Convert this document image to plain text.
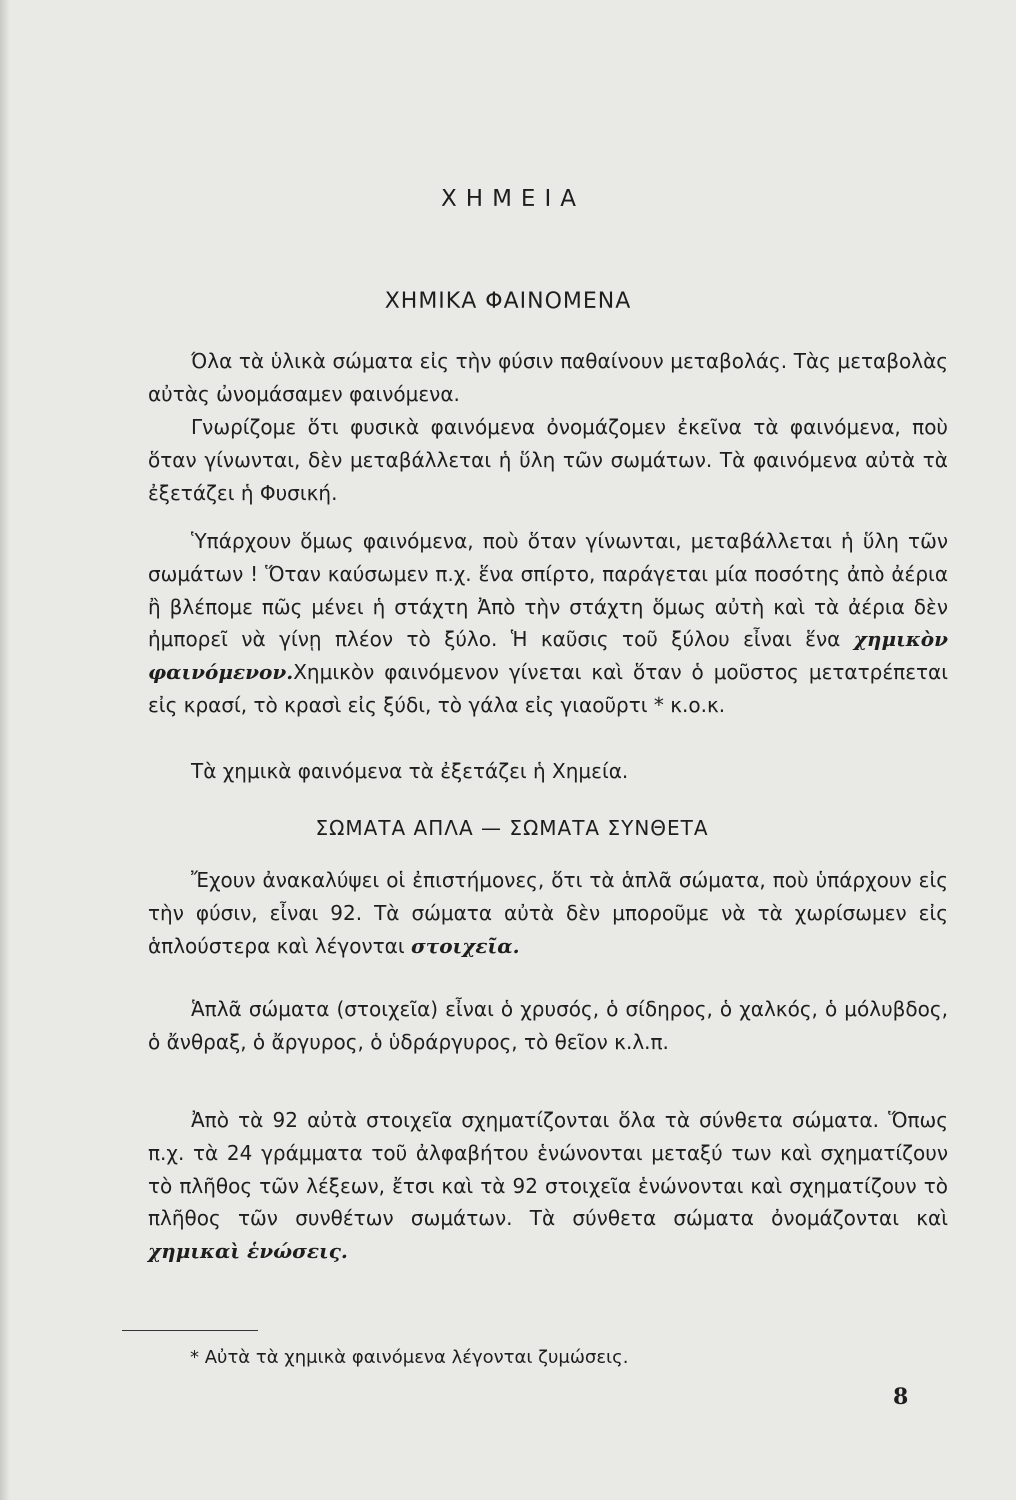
ΧΗΜΕΙΑ
ΧΗΜΙΚΑ ΦΑΙΝΟΜΕΝΑ

Όλα τὰ ὑλικὰ σώματα εἰς τὴν φύσιν παθαίνουν μεταβολάς. Τὰς μεταβολὰς αὐτὰς ὠνομάσαμεν φαινόμενα.

Γνωρίζομε ὅτι φυσικὰ φαινόμενα ὀνομάζομεν ἐκεῖνα τὰ φαινόμενα, ποὺ ὅταν γίνωνται, δὲν μεταβάλλεται ἡ ὕλη τῶν σωμάτων. Τὰ φαινόμενα αὐτὰ τὰ ἐξετάζει ἡ Φυσική.

Ὑπάρχουν ὅμως φαινόμενα, ποὺ ὅταν γίνωνται, μεταβάλλεται ἡ ὕλη τῶν σωμάτων ! Ὅταν καύσωμεν π.χ. ἕνα σπίρτο, παράγεται μία ποσότης ἀπὸ ἀέρια ἢ βλέπομε πῶς μένει ἡ στάχτη Ἀπὸ τὴν στάχτη ὅμως αὐτὴ καὶ τὰ ἀέρια δὲν ἠμπορεῖ νὰ γίνῃ πλέον τὸ ξύλο. Ἡ καῦσις τοῦ ξύλου εἶναι ἕνα χημικὸν φαινόμενον.Χημικὸν φαινόμενον γίνεται καὶ ὅταν ὁ μοῦστος μετατρέπεται εἰς κρασί, τὸ κρασὶ εἰς ξύδι, τὸ γάλα εἰς γιαοῦρτι * κ.ο.κ.

Τὰ χημικὰ φαινόμενα τὰ ἐξετάζει ἡ Χημεία.

ΣΩΜΑΤΑ ΑΠΛΑ — ΣΩΜΑΤΑ ΣΥΝΘΕΤΑ

Ἔχουν ἀνακαλύψει οἱ ἐπιστήμονες, ὅτι τὰ ἁπλᾶ σώματα, ποὺ ὑπάρχουν εἰς τὴν φύσιν, εἶναι 92. Τὰ σώματα αὐτὰ δὲν μποροῦμε νὰ τὰ χωρίσωμεν εἰς ἁπλούστερα καὶ λέγονται στοιχεῖα.

Ἁπλᾶ σώματα (στοιχεῖα) εἶναι ὁ χρυσός, ὁ σίδηρος, ὁ χαλκός, ὁ μόλυβδος, ὁ ἄνθραξ, ὁ ἄργυρος, ὁ ὑδράργυρος, τὸ θεῖον κ.λ.π.

Ἀπὸ τὰ 92 αὐτὰ στοιχεῖα σχηματίζονται ὅλα τὰ σύνθετα σώματα. Ὅπως π.χ. τὰ 24 γράμματα τοῦ ἀλφαβήτου ἑνώνονται μεταξύ των καὶ σχηματίζουν τὸ πλῆθος τῶν λέξεων, ἔτσι καὶ τὰ 92 στοιχεῖα ἑνώνονται καὶ σχηματίζουν τὸ πλῆθος τῶν συνθέτων σωμάτων. Τὰ σύνθετα σώματα ὀνομάζονται καὶ χημικαὶ ἑνώσεις.

* Αὐτὰ τὰ χημικὰ φαινόμενα λέγονται ζυμώσεις.
8
